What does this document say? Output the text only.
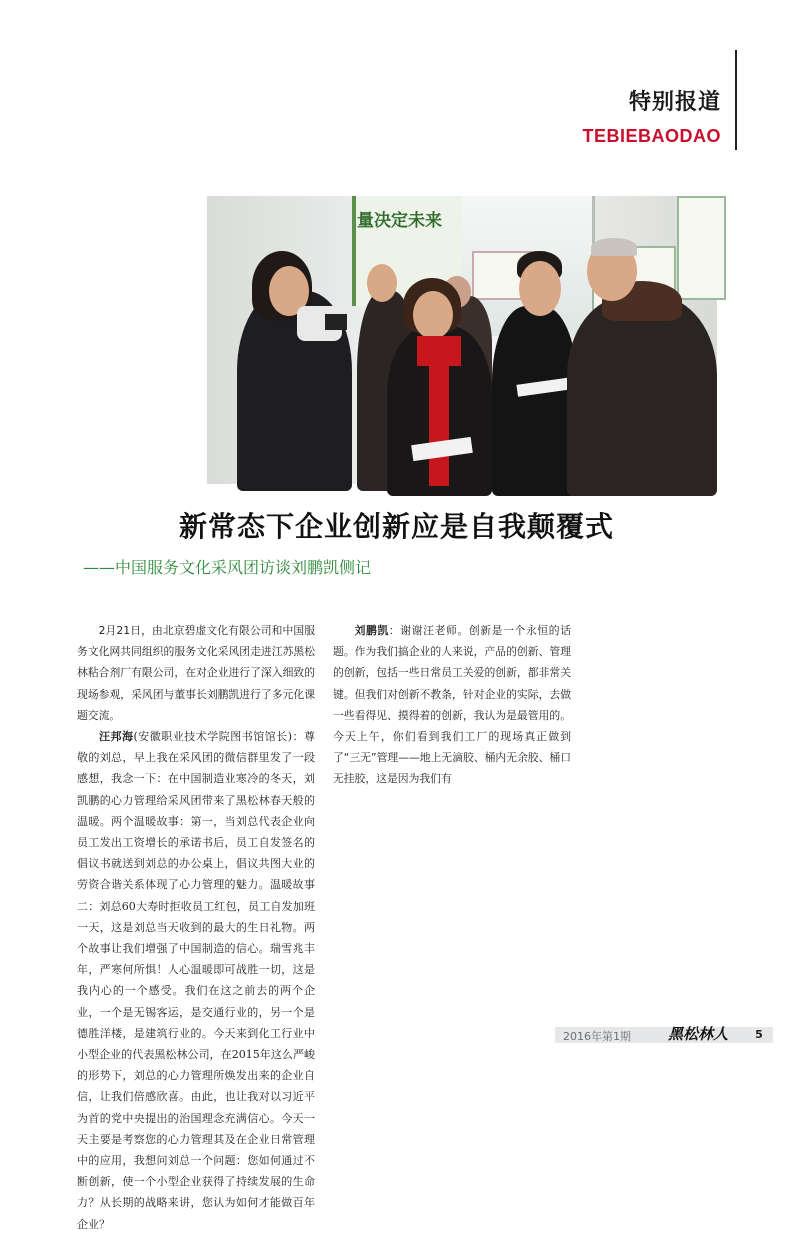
特别报道
TEBIEBAODAO
量决定未来
新常态下企业创新应是自我颠覆式
——中国服务文化采风团访谈刘鹏凯侧记

2月21日，由北京碧虚文化有限公司和中国服务文化网共同组织的服务文化采风团走进江苏黑松林粘合剂厂有限公司，在对企业进行了深入细致的现场参观，采风团与董事长刘鹏凯进行了多元化课题交流。

汪邦海(安徽职业技术学院图书馆馆长)：尊敬的刘总，早上我在采风团的微信群里发了一段感想，我念一下：在中国制造业寒冷的冬天，刘凯鹏的心力管理给采风团带来了黑松林春天般的温暖。两个温暖故事：第一，当刘总代表企业向员工发出工资增长的承诺书后，员工自发签名的倡议书就送到刘总的办公桌上，倡议共图大业的劳资合谐关系体现了心力管理的魅力。温暖故事二：刘总60大寿时拒收员工红包，员工自发加班一天，这是刘总当天收到的最大的生日礼物。两个故事让我们增强了中国制造的信心。瑞雪兆丰年，严寒何所惧！人心温暖即可战胜一切，这是我内心的一个感受。我们在这之前去的两个企业，一个是无锡客运，是交通行业的，另一个是德胜洋楼，是建筑行业的。今天来到化工行业中小型企业的代表黑松林公司，在2015年这么严峻的形势下，刘总的心力管理所焕发出来的企业自信，让我们倍感欣喜。由此，也让我对以习近平为首的党中央提出的治国理念充满信心。今天一天主要是考察您的心力管理其及在企业日常管理中的应用，我想问刘总一个问题：您如何通过不断创新，使一个小型企业获得了持续发展的生命力？从长期的战略来讲，您认为如何才能做百年企业？

刘鹏凯：谢谢汪老师。创新是一个永恒的话题。作为我们搞企业的人来说，产品的创新、管理的创新，包括一些日常员工关爱的创新，都非常关键。但我们对创新不教条，针对企业的实际，去做一些看得见、摸得着的创新，我认为是最管用的。今天上午，你们看到我们工厂的现场真正做到了“三无”管理——地上无滴胶、桶内无余胶、桶口无挂胶，这是因为我们有

2016年第1期 黑松林人	5
